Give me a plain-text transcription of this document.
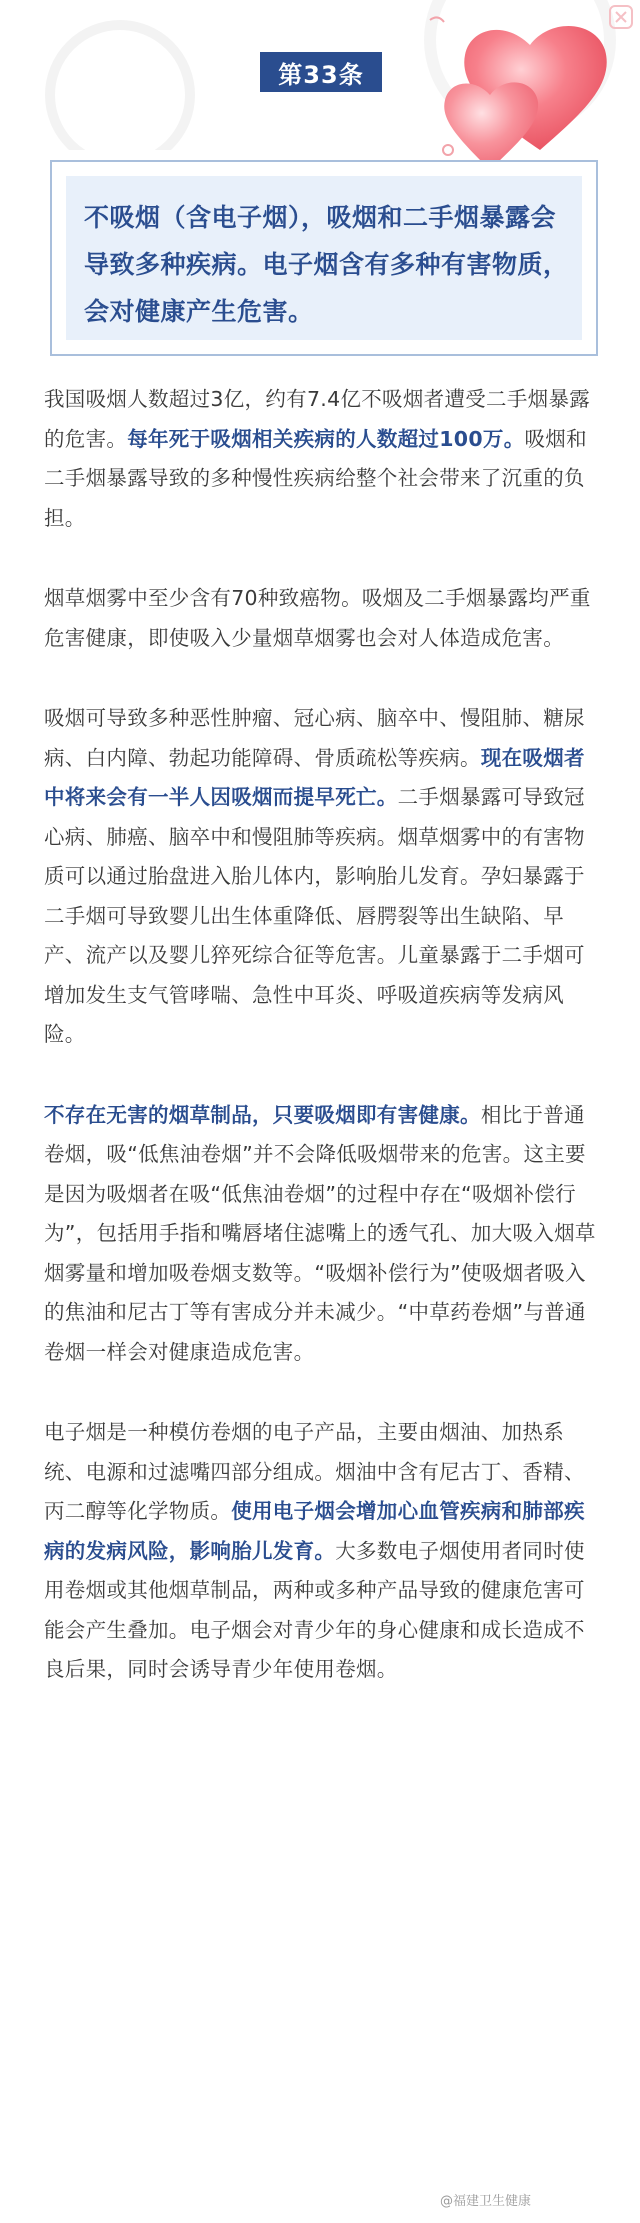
第33条
不吸烟（含电子烟），吸烟和二手烟暴露会导致多种疾病。电子烟含有多种有害物质，会对健康产生危害。

我国吸烟人数超过3亿，约有7.4亿不吸烟者遭受二手烟暴露的危害。每年死于吸烟相关疾病的人数超过100万。吸烟和二手烟暴露导致的多种慢性疾病给整个社会带来了沉重的负担。

烟草烟雾中至少含有70种致癌物。吸烟及二手烟暴露均严重危害健康，即使吸入少量烟草烟雾也会对人体造成危害。

吸烟可导致多种恶性肿瘤、冠心病、脑卒中、慢阻肺、糖尿病、白内障、勃起功能障碍、骨质疏松等疾病。现在吸烟者中将来会有一半人因吸烟而提早死亡。二手烟暴露可导致冠心病、肺癌、脑卒中和慢阻肺等疾病。烟草烟雾中的有害物质可以通过胎盘进入胎儿体内，影响胎儿发育。孕妇暴露于二手烟可导致婴儿出生体重降低、唇腭裂等出生缺陷、早产、流产以及婴儿猝死综合征等危害。儿童暴露于二手烟可增加发生支气管哮喘、急性中耳炎、呼吸道疾病等发病风险。

不存在无害的烟草制品，只要吸烟即有害健康。相比于普通卷烟，吸“低焦油卷烟”并不会降低吸烟带来的危害。这主要是因为吸烟者在吸“低焦油卷烟”的过程中存在“吸烟补偿行为”，包括用手指和嘴唇堵住滤嘴上的透气孔、加大吸入烟草烟雾量和增加吸卷烟支数等。“吸烟补偿行为”使吸烟者吸入的焦油和尼古丁等有害成分并未减少。“中草药卷烟”与普通卷烟一样会对健康造成危害。

电子烟是一种模仿卷烟的电子产品，主要由烟油、加热系统、电源和过滤嘴四部分组成。烟油中含有尼古丁、香精、丙二醇等化学物质。使用电子烟会增加心血管疾病和肺部疾病的发病风险，影响胎儿发育。大多数电子烟使用者同时使用卷烟或其他烟草制品，两种或多种产品导致的健康危害可能会产生叠加。电子烟会对青少年的身心健康和成长造成不良后果，同时会诱导青少年使用卷烟。

@福建卫生健康
